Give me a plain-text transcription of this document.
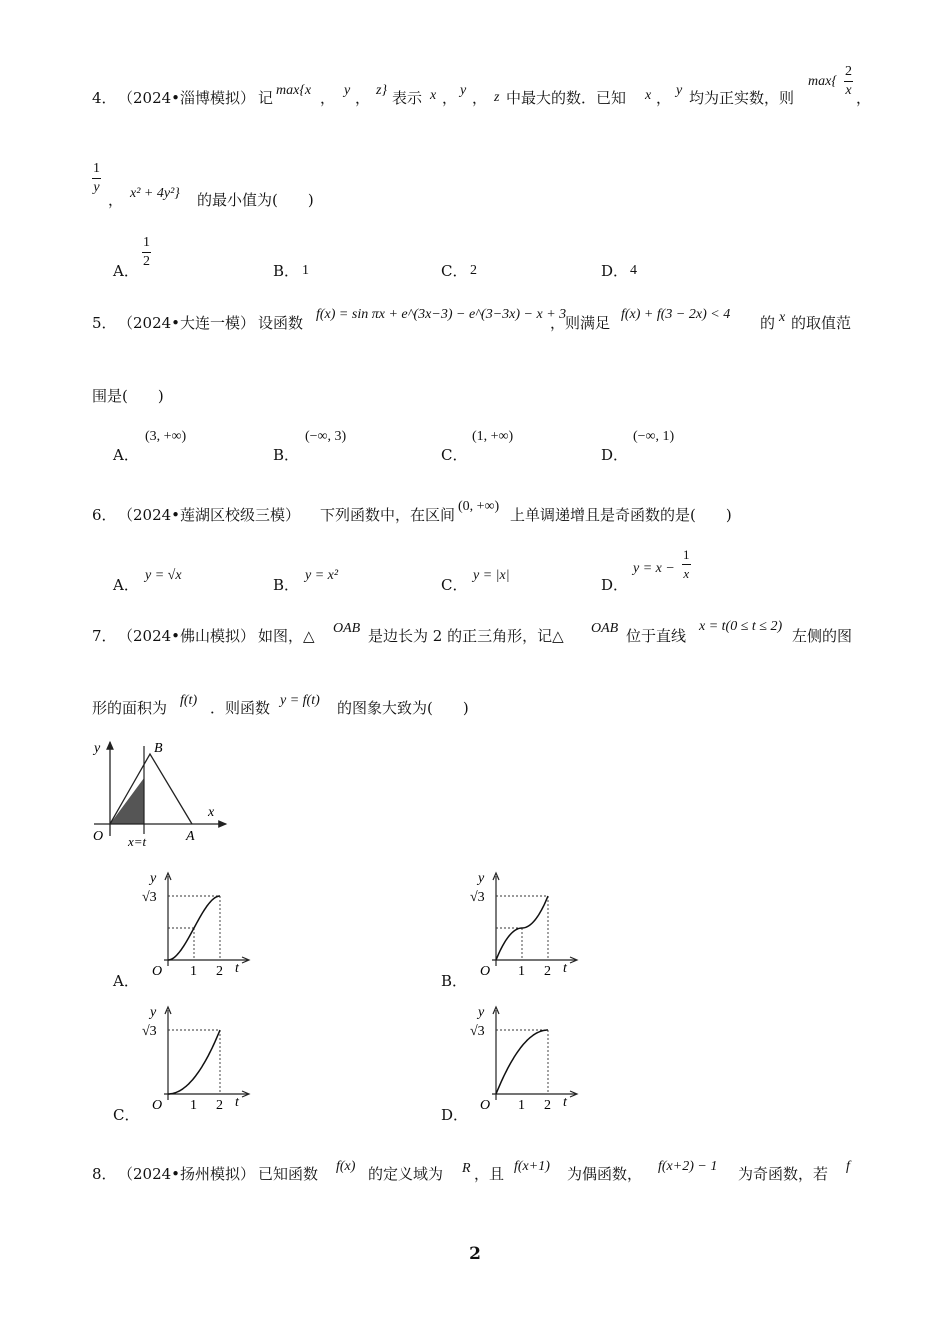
4． （2024•淄博模拟） 记 max{x ， y ， z} 表示 x ， y ， z 中最大的数．已知 x ， y 均为正实数，则
$\max\{ \frac{2}{x}$ ，
$\frac{1}{y}$
， x² + 4y²} 的最小值为(　　)
A．
$\frac{1}{2}$
B． 1	C． 2	D． 4
5． （2024•大连一模） 设函数 f(x) = sin πx + e^(3x−3) − e^(3−3x) − x + 3
，则满足 f(x) + f(3 − 2x) < 4 的 x 的取值范
围是(　　)
A．
(3, +∞)
B．
(−∞, 3)
C．
(1, +∞)
D．
(−∞, 1)
6． （2024•莲湖区校级三模） 下列函数中，在区间 (0, +∞) 上单调递增且是奇函数的是(　　)
A．
y = √x
B．
y = x²
C．
y = |x|
D．
$y = x - \frac{1}{x}$
7． （2024•佛山模拟） 如图，△ OAB 是边长为 2 的正三角形，记△ OAB 位于直线
x = t(0 ≤ t ≤ 2)
左侧的图
形的面积为 f(t) ．则函数 y = f(t) 的图象大致为(　　)
y
x
B
O	A
x=t
y
√3
O 1 2 t
A．
y
√3
O 1 2 t
B．
y
√3
O 1 2 t
C．
y
√3
O 1 2 t
D．
8． （2024•扬州模拟） 已知函数 f(x) 的定义域为 R ，且 f(x+1) 为偶函数， f(x+2) − 1 为奇函数，若 f
2
